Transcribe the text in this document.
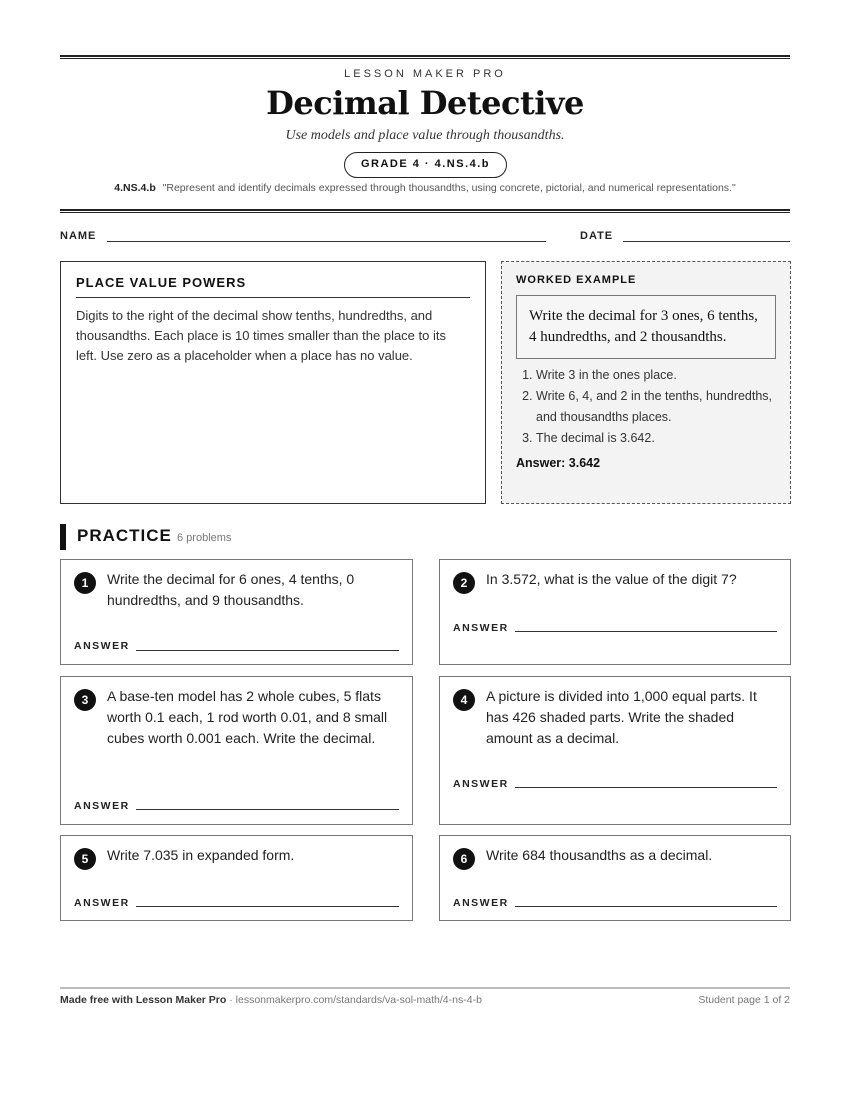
LESSON MAKER PRO
Decimal Detective
Use models and place value through thousandths.
GRADE 4 · 4.NS.4.b
4.NS.4.b "Represent and identify decimals expressed through thousandths, using concrete, pictorial, and numerical representations."
NAME	DATE
PLACE VALUE POWERS
Digits to the right of the decimal show tenths, hundredths, and thousandths. Each place is 10 times smaller than the place to its left. Use zero as a placeholder when a place has no value.
WORKED EXAMPLE
Write the decimal for 3 ones, 6 tenths, 4 hundredths, and 2 thousandths.
1. Write 3 in the ones place.
2. Write 6, 4, and 2 in the tenths, hundredths, and thousandths places.
3. The decimal is 3.642.
Answer: 3.642
PRACTICE 6 problems
1	Write the decimal for 6 ones, 4 tenths, 0 hundredths, and 9 thousandths.
ANSWER
2	In 3.572, what is the value of the digit 7?
ANSWER
3	A base-ten model has 2 whole cubes, 5 flats worth 0.1 each, 1 rod worth 0.01, and 8 small cubes worth 0.001 each. Write the decimal.
ANSWER
4	A picture is divided into 1,000 equal parts. It has 426 shaded parts. Write the shaded amount as a decimal.
ANSWER
5	Write 7.035 in expanded form.
ANSWER
6	Write 684 thousandths as a decimal.
ANSWER
Made free with Lesson Maker Pro · lessonmakerpro.com/standards/va-sol-math/4-ns-4-b	Student page 1 of 2
